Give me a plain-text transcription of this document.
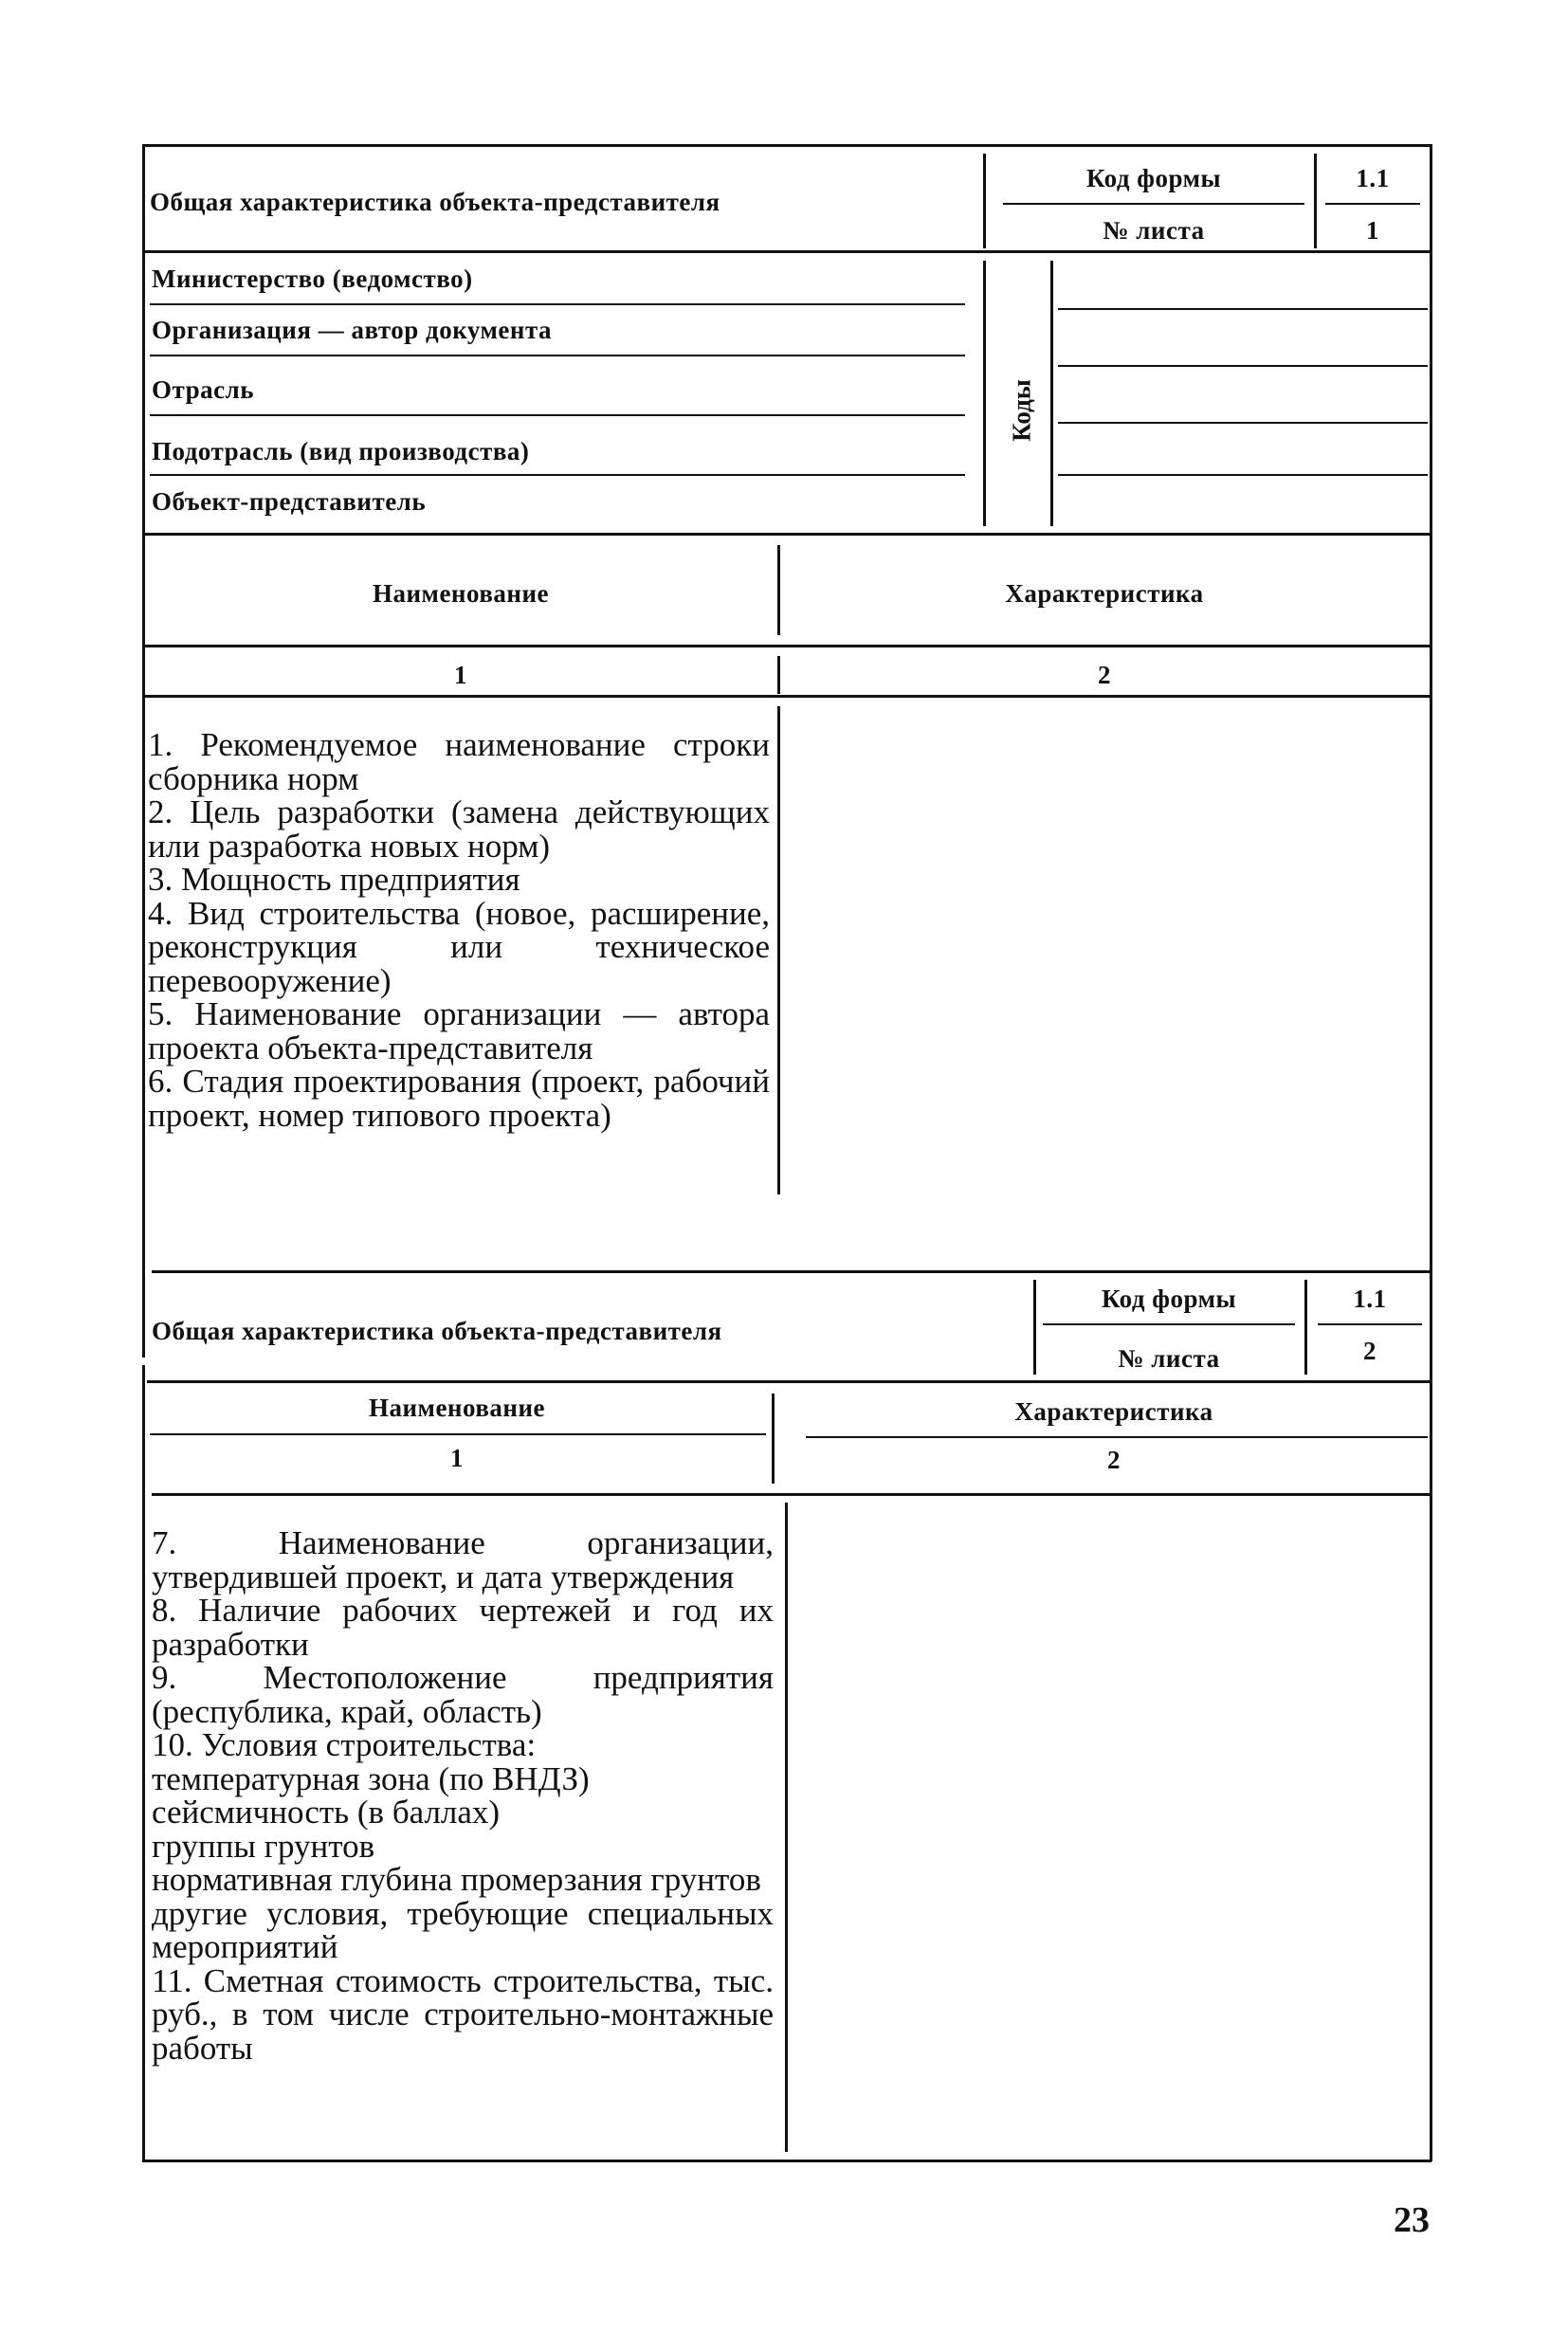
Общая характеристика объекта-представителя
Код формы	1.1
№ листа	1
Министерство (ведомство)
Организация — автор документа
Отрасль
Подотрасль (вид производства)
Объект-представитель
Коды
Наименование	Характеристика
1	2

1. Рекомендуемое наименование строки сборника норм

2. Цель разработки (замена действующих или разработка новых норм)

3. Мощность предприятия

4. Вид строительства (новое, расширение, реконструкция или техническое перевооружение)

5. Наименование организации — автора проекта объекта-представителя

6. Стадия проектирования (проект, рабочий проект, номер типового проекта)

Общая характеристика объекта-представителя
Код формы	1.1
№ листа	2
Наименование	Характеристика
1	2

7. Наименование организации, утвердившей проект, и дата утверждения

8. Наличие рабочих чертежей и год их разработки

9. Местоположение предприятия (республика, край, область)

10. Условия строительства:

температурная зона (по ВНДЗ)

сейсмичность (в баллах)

группы грунтов

нормативная глубина промерзания грунтов

другие условия, требующие специальных мероприятий

11. Сметная стоимость строительства, тыс. руб., в том числе строительно-монтажные работы

23
